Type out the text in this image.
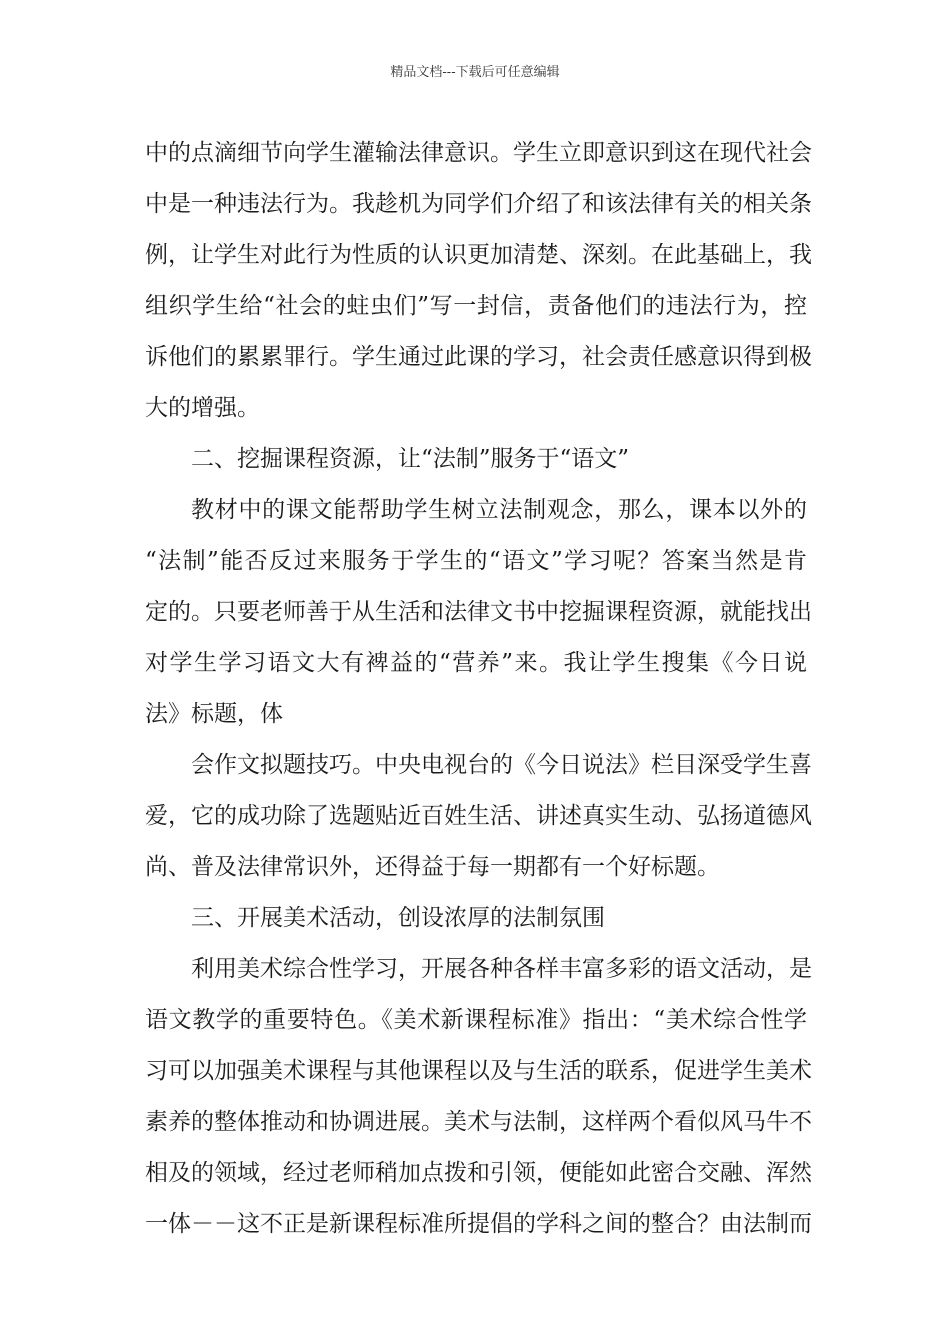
精品文档---下载后可任意编辑
中的点滴细节向学生灌输法律意识。学生立即意识到这在现代社会
中是一种违法行为。我趁机为同学们介绍了和该法律有关的相关条
例，让学生对此行为性质的认识更加清楚、深刻。在此基础上，我
组织学生给“社会的蛀虫们”写一封信，责备他们的违法行为，控
诉他们的累累罪行。学生通过此课的学习，社会责任感意识得到极
大的增强。
二、挖掘课程资源，让“法制”服务于“语文”
教材中的课文能帮助学生树立法制观念，那么，课本以外的
“法制”能否反过来服务于学生的“语文”学习呢？答案当然是肯
定的。只要老师善于从生活和法律文书中挖掘课程资源，就能找出
对学生学习语文大有裨益的“营养”来。我让学生搜集《今日说
法》标题，体
会作文拟题技巧。中央电视台的《今日说法》栏目深受学生喜
爱，它的成功除了选题贴近百姓生活、讲述真实生动、弘扬道德风
尚、普及法律常识外，还得益于每一期都有一个好标题。
三、开展美术活动，创设浓厚的法制氛围
利用美术综合性学习，开展各种各样丰富多彩的语文活动，是
语文教学的重要特色。《美术新课程标准》指出：“美术综合性学
习可以加强美术课程与其他课程以及与生活的联系，促进学生美术
素养的整体推动和协调进展。美术与法制，这样两个看似风马牛不
相及的领域，经过老师稍加点拨和引领，便能如此密合交融、浑然
一体－－这不正是新课程标准所提倡的学科之间的整合？由法制而
